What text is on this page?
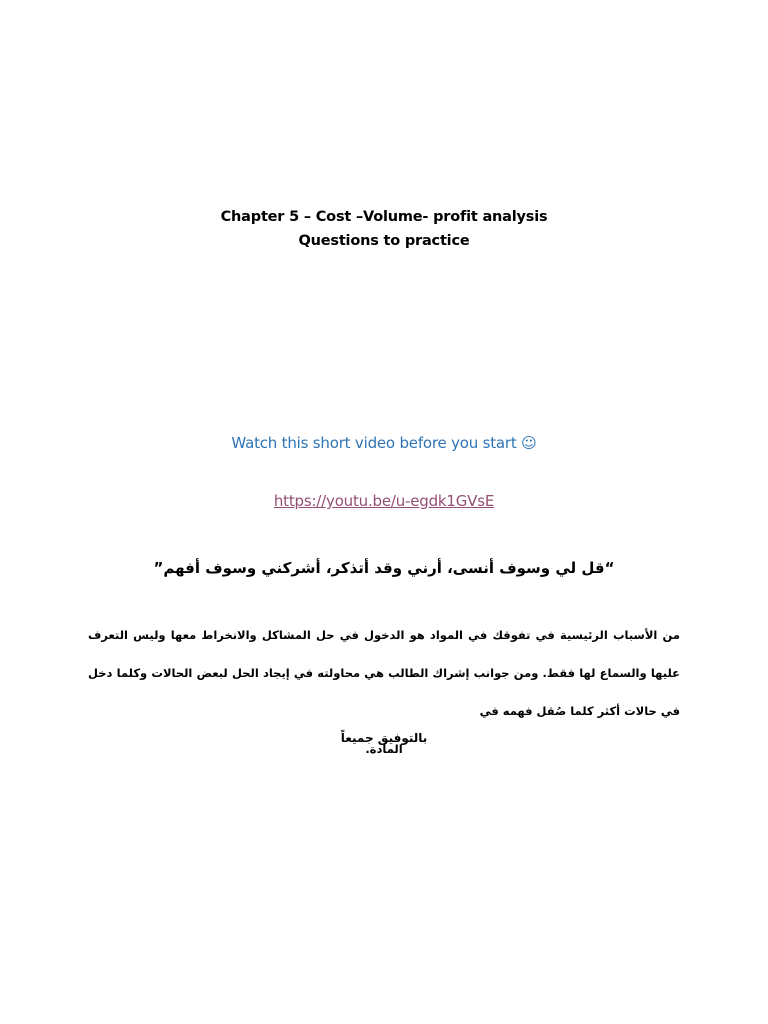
Chapter 5 – Cost –Volume- profit analysis
Questions to practice
Watch this short video before you start ☺
https://youtu.be/u-egdk1GVsE
“قل لي وسوف أنسى، أرني وقد أتذكر، أشركني وسوف أفهم”
من الأسباب الرئيسية في تفوقك في المواد هو الدخول في حل المشاكل والانخراط معها وليس التعرف عليها والسماع لها فقط. ومن جوانب إشراك الطالب هي محاولته في إيجاد الحل لبعض الحالات وكلما دخل في حالات أكثر كلما صُقل فهمه في
المادة.
بالتوفيق جميعاً
